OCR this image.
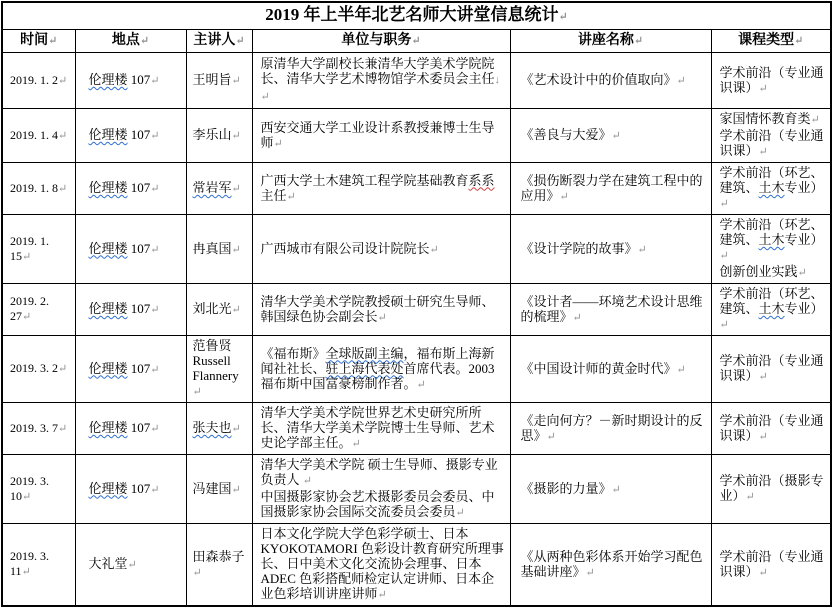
2019 年上半年北艺名师大讲堂信息统计↵					
时间↵	地点↵	主讲人↵	单位与职务↵	讲座名称↵	课程类型↵

2019. 1. 2↵	伦理楼 107↵	王明旨↵	原清华大学副校长兼清华大学美术学院院长、清华大学艺术博物馆学术委员会主任↓
↵	《艺术设计中的价值取向》↵	学术前沿（专业通识课）↵

2019. 1. 4↵	伦理楼 107↵	李乐山↵	西安交通大学工业设计系教授兼博士生导师↵	《善良与大爱》↵	家国情怀教育类↵
学术前沿（专业通识课）↵

2019. 1. 8↵	伦理楼 107↵	常岩军↵	广西大学土木建筑工程学院基础教育系系主任↵	《损伤断裂力学在建筑工程中的应用》↵	学术前沿（环艺、建筑、土木专业）↵

2019. 1. 15↵	伦理楼 107↵	冉真国↵	广西城市有限公司设计院院长↵	《设计学院的故事》↵	学术前沿（环艺、建筑、土木专业）↵
创新创业实践↵

2019. 2. 27↵	伦理楼 107↵	刘北光↵	清华大学美术学院教授硕士研究生导师、韩国绿色协会副会长↵	《设计者——环境艺术设计思维的梳理》↵	学术前沿（环艺、建筑、土木专业）↵

2019. 3. 2↵	伦理楼 107↵	范鲁贤 Russell Flannery↵	《福布斯》全球版副主编，福布斯上海新闻社社长、驻上海代表处首席代表。2003 福布斯中国富豪榜制作者。↵	《中国设计师的黄金时代》↵	学术前沿（专业通识课）↵

2019. 3. 7↵	伦理楼 107↵	张夫也↵	清华大学美术学院世界艺术史研究所所长、清华大学美术学院博士生导师、艺术史论学部主任。↵	《走向何方？－新时期设计的反思》↵	学术前沿（专业通识课）↵

2019. 3. 10↵	伦理楼 107↵	冯建国↵	清华大学美术学院 硕士生导师、摄影专业负责人 ↵
中国摄影家协会艺术摄影委员会委员、中国摄影家协会国际交流委员会委员↵	《摄影的力量》↵	学术前沿（摄影专业）↵

2019. 3. 11↵	大礼堂↵	田森恭子↵	日本文化学院大学色彩学硕士、日本 KYOKOTAMORI 色彩设计教育研究所理事长、日中美术文化交流协会理事、日本 ADEC 色彩搭配师检定认定讲师、日本企业色彩培训讲座讲师↵	《从两种色彩体系开始学习配色基础讲座》↵	学术前沿（专业通识课）↵
